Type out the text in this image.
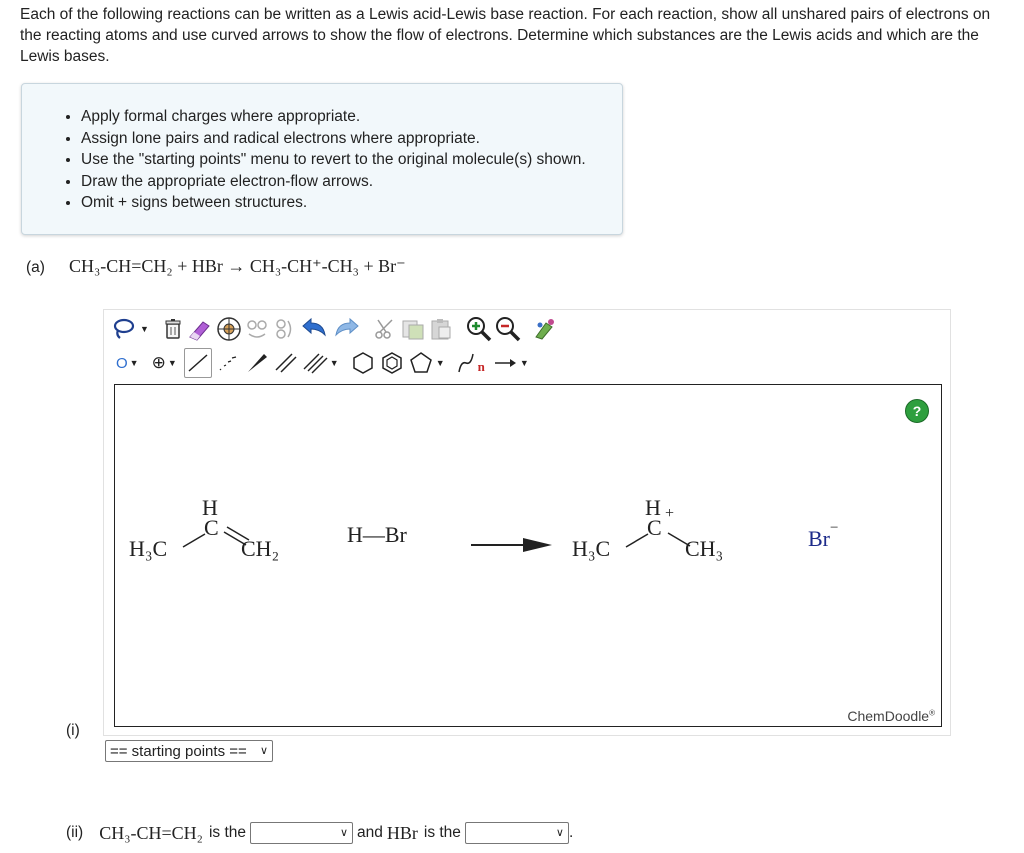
Each of the following reactions can be written as a Lewis acid-Lewis base reaction. For each reaction, show all unshared pairs of electrons on the reacting atoms and use curved arrows to show the flow of electrons. Determine which substances are the Lewis acids and which are the Lewis bases.
• Apply formal charges where appropriate.
• Assign lone pairs and radical electrons where appropriate.
• Use the "starting points" menu to revert to the original molecule(s) shown.
• Draw the appropriate electron-flow arrows.
• Omit + signs between structures.
(a) CH₃-CH=CH₂ + HBr → CH₃-CH⁺-CH₃ + Br⁻
▼
O ▼ ⊕ ▼	▼	▼	n	▼
?
H
C
H₃C	CH₂
H—Br
H
C
+
H₃C	CH₃	Br−
ChemDoodle®
(i)
== starting points == ∨
(ii) CH₃-CH=CH₂ is the	∨ and HBr is the	∨ .
